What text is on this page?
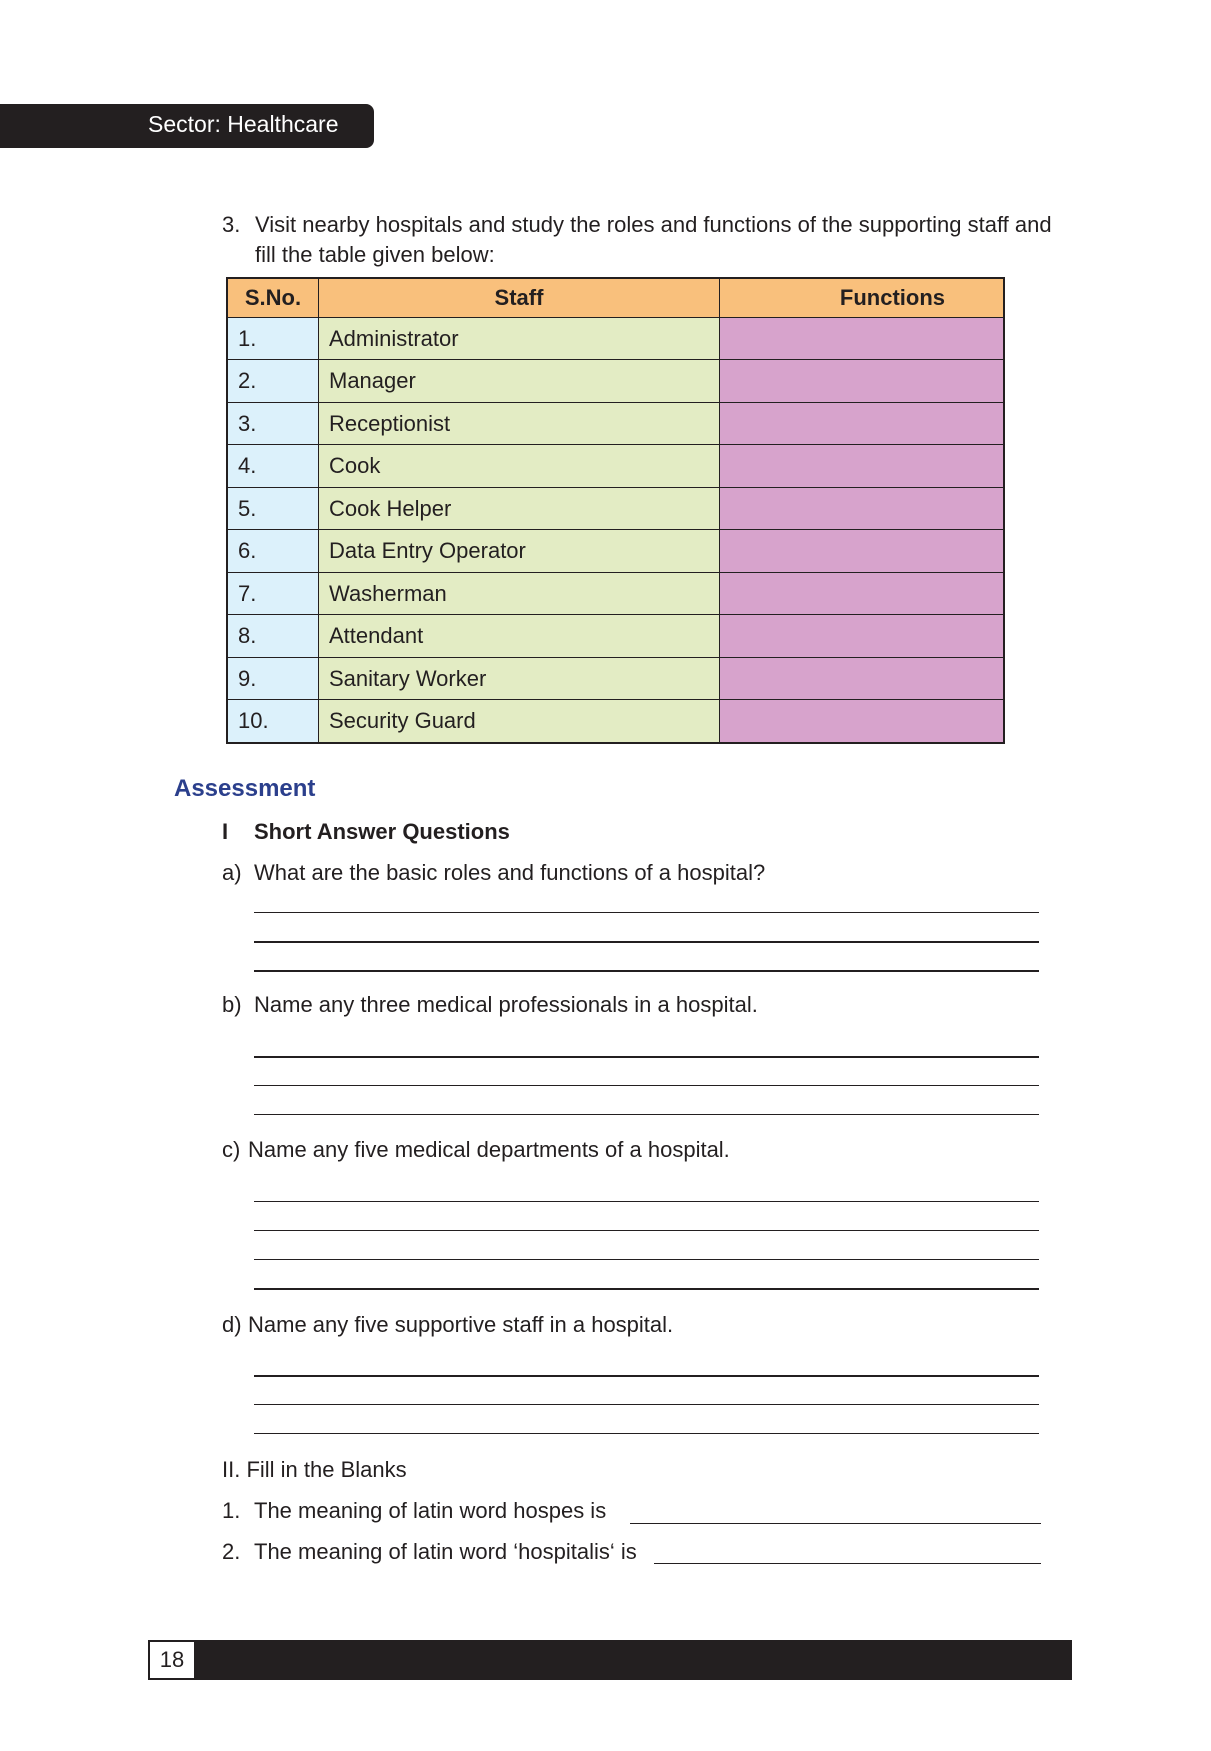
Sector: Healthcare
3. Visit nearby hospitals and study the roles and functions of the supporting staff and fill the table given below:
S.No.	Staff	Functions
1.	Administrator	
2.	Manager	
3.	Receptionist	
4.	Cook	
5.	Cook Helper	
6.	Data Entry Operator	
7.	Washerman	
8.	Attendant	
9.	Sanitary Worker	
10.	Security Guard	
Assessment
I Short Answer Questions
a) What are the basic roles and functions of a hospital?
b) Name any three medical professionals in a hospital.
c) Name any five medical departments of a hospital.
d) Name any five supportive staff in a hospital.
II. Fill in the Blanks
1. The meaning of latin word hospes is
2. The meaning of latin word ‘hospitalis‘ is
18
